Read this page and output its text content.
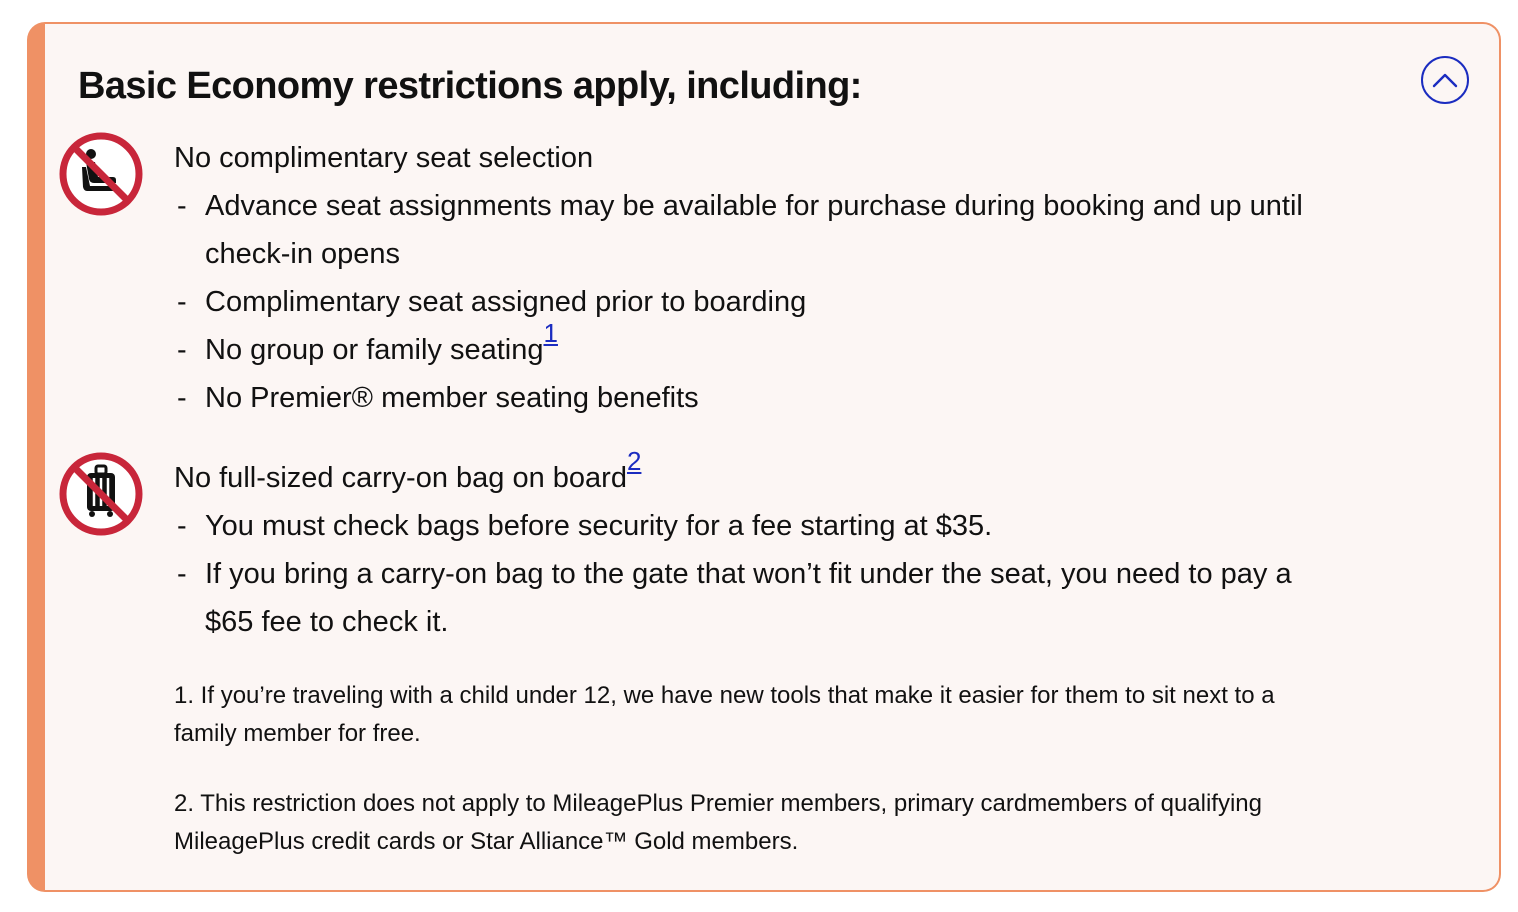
Basic Economy restrictions apply, including:
No complimentary seat selection
- Advance seat assignments may be available for purchase during booking and up until check-in opens
- Complimentary seat assigned prior to boarding
- No group or family seating$^1$
- No Premier® member seating benefits
No full-sized carry-on bag on board$^2$
- You must check bags before security for a fee starting at $35.
- If you bring a carry-on bag to the gate that won’t fit under the seat, you need to pay a $65 fee to check it.

1. If you’re traveling with a child under 12, we have new tools that make it easier for them to sit next to a family member for free.

2. This restriction does not apply to MileagePlus Premier members, primary cardmembers of qualifying MileagePlus credit cards or Star Alliance™ Gold members.
